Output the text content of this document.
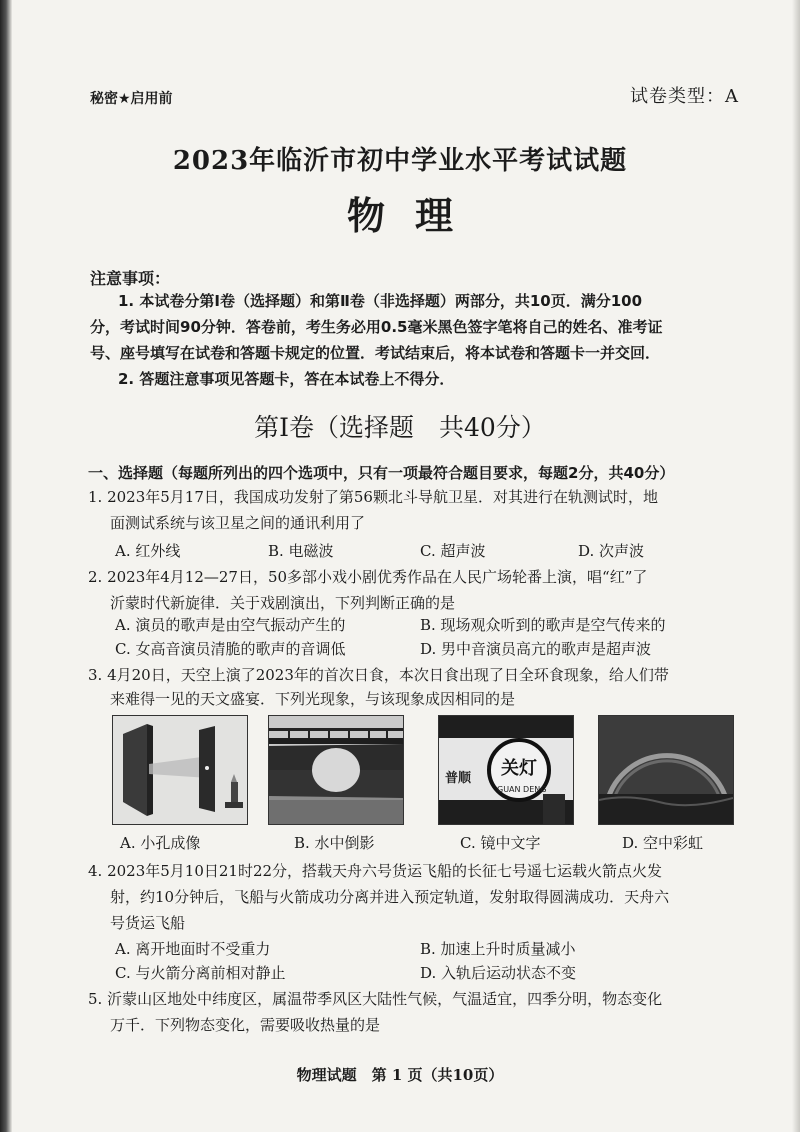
秘密★启用前	试卷类型：A
2023年临沂市初中学业水平考试试题
物理
注意事项：
1. 本试卷分第Ⅰ卷（选择题）和第Ⅱ卷（非选择题）两部分，共10页．满分100
分，考试时间90分钟．答卷前，考生务必用0.5毫米黑色签字笔将自己的姓名、准考证
号、座号填写在试卷和答题卡规定的位置．考试结束后，将本试卷和答题卡一并交回．
2. 答题注意事项见答题卡，答在本试卷上不得分．
第Ⅰ卷（选择题　共40分）
一、选择题（每题所列出的四个选项中，只有一项最符合题目要求，每题2分，共40分）
1. 2023年5月17日，我国成功发射了第56颗北斗导航卫星．对其进行在轨测试时，地
面测试系统与该卫星之间的通讯利用了
A. 红外线	B. 电磁波	C. 超声波	D. 次声波
2. 2023年4月12—27日，50多部小戏小剧优秀作品在人民广场轮番上演，唱“红”了
沂蒙时代新旋律．关于戏剧演出，下列判断正确的是
A. 演员的歌声是由空气振动产生的	B. 现场观众听到的歌声是空气传来的
C. 女高音演员清脆的歌声的音调低	D. 男中音演员高亢的歌声是超声波
3. 4月20日，天空上演了2023年的首次日食，本次日食出现了日全环食现象，给人们带
来难得一见的天文盛宴．下列光现象，与该现象成因相同的是
普顺 关灯
GUAN DENG
A. 小孔成像	B. 水中倒影	C. 镜中文字	D. 空中彩虹
4. 2023年5月10日21时22分，搭载天舟六号货运飞船的长征七号遥七运载火箭点火发
射，约10分钟后，飞船与火箭成功分离并进入预定轨道，发射取得圆满成功．天舟六
号货运飞船
A. 离开地面时不受重力	B. 加速上升时质量减小
C. 与火箭分离前相对静止	D. 入轨后运动状态不变
5. 沂蒙山区地处中纬度区，属温带季风区大陆性气候，气温适宜，四季分明，物态变化
万千．下列物态变化，需要吸收热量的是
物理试题　第 1 页（共10页）
